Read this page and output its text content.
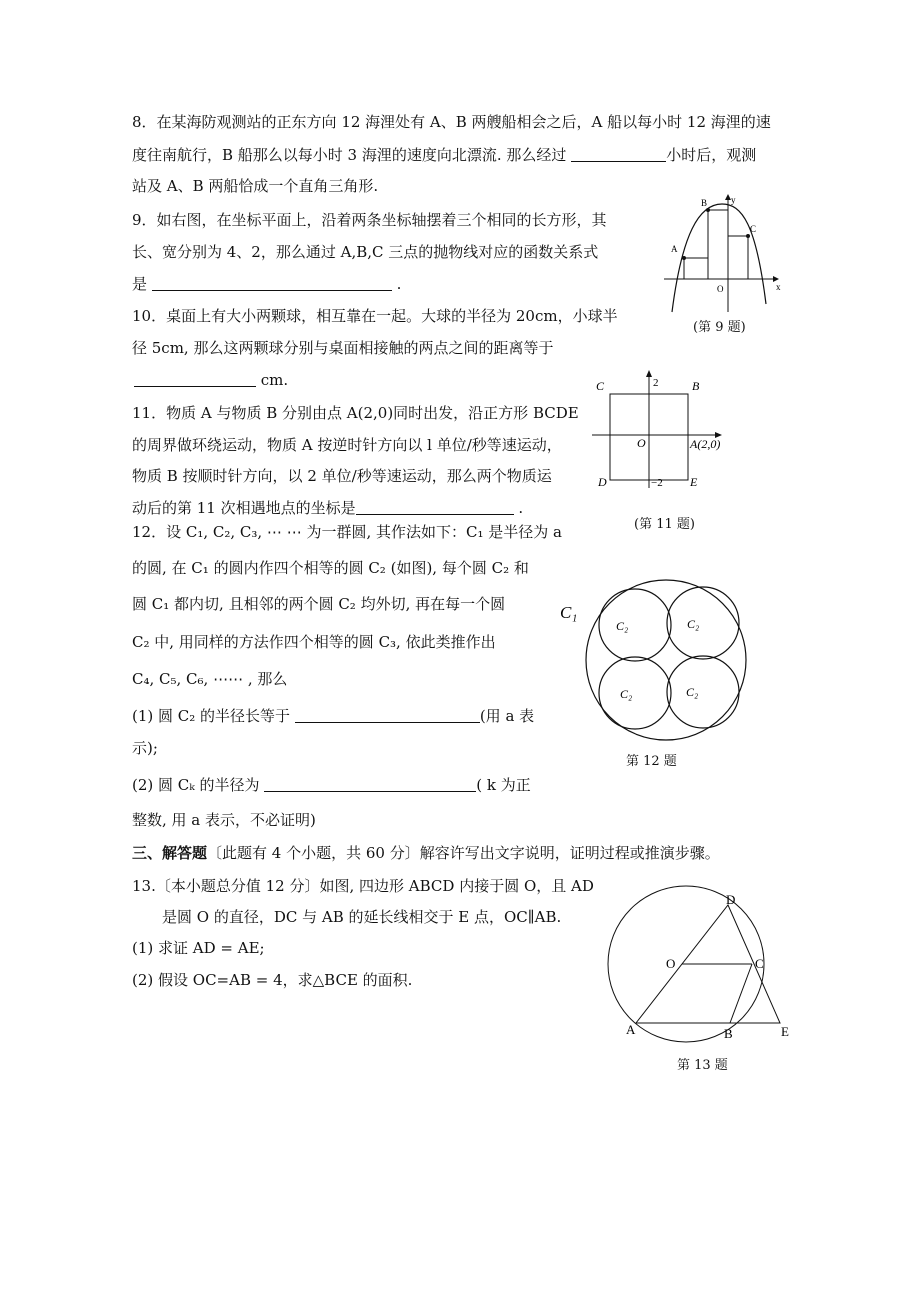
8．在某海防观测站的正东方向 12 海浬处有 A、B 两艘船相会之后，A 船以每小时 12 海浬的速
度往南航行，B 船那么以每小时 3 海浬的速度向北漂流. 那么经过	小时后，观测
站及 A、B 两船恰成一个直角三角形.
9．如右图，在坐标平面上，沿着两条坐标轴摆着三个相同的长方形，其
长、宽分别为 4、2，那么通过 A,B,C 三点的抛物线对应的函数关系式
是	.
A
B
C
O	x
y
(第 9 题)
10．桌面上有大小两颗球，相互靠在一起。大球的半径为 20cm，小球半
径 5cm, 那么这两颗球分别与桌面相接触的两点之间的距离等于
cm.
11．物质 A 与物质 B 分别由点 A(2,0)同时出发，沿正方形 BCDE
的周界做环绕运动，物质 A 按逆时针方向以 l 单位/秒等速运动，
物质 B 按顺时针方向，以 2 单位/秒等速运动，那么两个物质运
动后的第 11 次相遇地点的坐标是	.
C	B
D	E
O	A(2,0)
2
−2
(第 11 题)
12．设 C₁, C₂, C₃, ⋯ ⋯ 为一群圆, 其作法如下：C₁ 是半径为 a
的圆, 在 C₁ 的圆内作四个相等的圆 C₂ (如图), 每个圆 C₂ 和
圆 C₁ 都内切, 且相邻的两个圆 C₂ 均外切, 再在每一个圆
C₂ 中, 用同样的方法作四个相等的圆 C₃, 依此类推作出
C₄, C₅, C₆, ⋯⋯ , 那么
(1) 圆 C₂ 的半径长等于	(用 a 表
示);
(2) 圆 Cₖ 的半径为	( k 为正
整数, 用 a 表示，不必证明)
C₁
C₂	C₂
C₂	C₂
第 12 题
三、解答题〔此题有 4 个小题，共 60 分〕解容许写出文字说明，证明过程或推演步骤。
13.〔本小题总分值 12 分〕如图, 四边形 ABCD 内接于圆 O，且 AD
是圆 O 的直径，DC 与 AB 的延长线相交于 E 点，OC∥AB.
(1) 求证 AD = AE;
(2) 假设 OC=AB = 4，求△BCE 的面积.
D
O	C
A	B	E
第 13 题
